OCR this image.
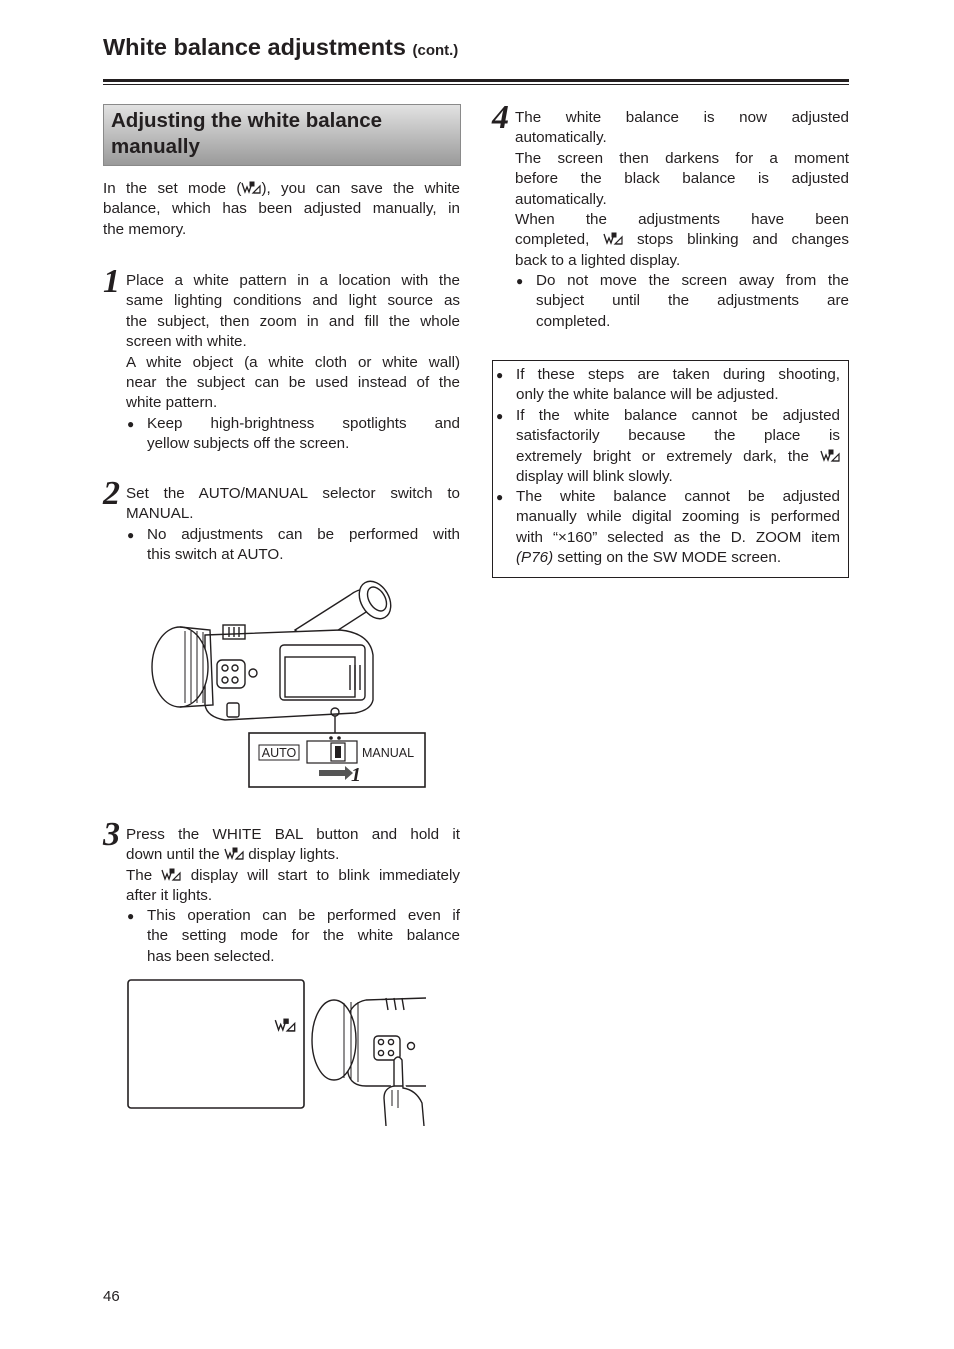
White balance adjustments (cont.)
Adjusting the white balance
manually
In the set mode ( ), you can save the white
balance, which has been adjusted manually, in
the memory.
1 Place a white pattern in a location with the
same lighting conditions and light source as
the subject, then zoom in and fill the whole
screen with white.
A white object (a white cloth or white wall)
near the subject can be used instead of the
white pattern.
● Keep high-brightness spotlights and
yellow subjects off the screen.
2 Set the AUTO/MANUAL selector switch to
MANUAL.
● No adjustments can be performed with
this switch at AUTO.
AUTO	MANUAL
1
3 Press the WHITE BAL button and hold it
down until the display lights.
The	display will start to blink immediately
after it lights.
● This operation can be performed even if
the setting mode for the white balance
has been selected.
4 The white balance is now adjusted
automatically.
The screen then darkens for a moment
before the black balance is adjusted
automatically.
When the adjustments have been
completed,	stops blinking and changes
back to a lighted display.
● Do not move the screen away from the
subject until the adjustments are
completed.
● If these steps are taken during shooting,
only the white balance will be adjusted.
● If the white balance cannot be adjusted
satisfactorily because the place is
extremely bright or extremely dark, the
display will blink slowly.
● The white balance cannot be adjusted
manually while digital zooming is performed
with “×160” selected as the D. ZOOM item
(P76) setting on the SW MODE screen.
46
